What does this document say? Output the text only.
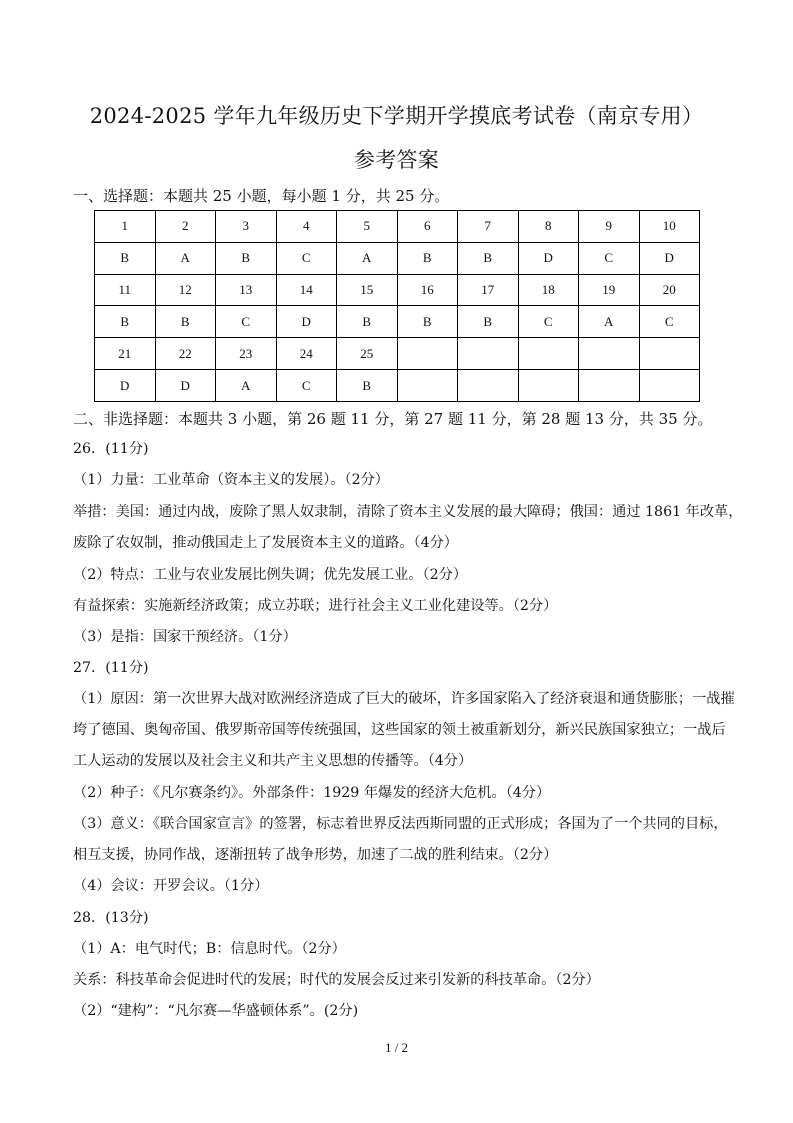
2024-2025 学年九年级历史下学期开学摸底考试卷（南京专用）
参考答案
一、选择题：本题共 25 小题，每小题 1 分，共 25 分。
1	2	3	4	5	6	7	8	9	10
B	A	B	C	A	B	B	D	C	D
11	12	13	14	15	16	17	18	19	20
B	B	C	D	B	B	B	C	A	C
21	22	23	24	25					
D	D	A	C	B					
二、非选择题：本题共 3 小题，第 26 题 11 分，第 27 题 11 分，第 28 题 13 分，共 35 分。
26．(11分)
（1）力量：工业革命（资本主义的发展）。（2分）
举措：美国：通过内战，废除了黑人奴隶制，清除了资本主义发展的最大障碍；俄国：通过 1861 年改革，
废除了农奴制，推动俄国走上了发展资本主义的道路。（4分）
（2）特点：工业与农业发展比例失调；优先发展工业。（2分）
有益探索：实施新经济政策；成立苏联；进行社会主义工业化建设等。（2分）
（3）是指：国家干预经济。（1分）
27．(11分)
（1）原因：第一次世界大战对欧洲经济造成了巨大的破坏，许多国家陷入了经济衰退和通货膨胀；一战摧
垮了德国、奥匈帝国、俄罗斯帝国等传统强国，这些国家的领土被重新划分，新兴民族国家独立；一战后
工人运动的发展以及社会主义和共产主义思想的传播等。（4分）
（2）种子：《凡尔赛条约》。外部条件：1929 年爆发的经济大危机。（4分）
（3）意义：《联合国家宣言》的签署，标志着世界反法西斯同盟的正式形成；各国为了一个共同的目标，
相互支援，协同作战，逐渐扭转了战争形势，加速了二战的胜利结束。（2分）
（4）会议：开罗会议。（1分）
28．(13分)
（1）A：电气时代；B：信息时代。（2分）
关系：科技革命会促进时代的发展；时代的发展会反过来引发新的科技革命。（2分）
（2）“建构”：“凡尔赛—华盛顿体系”。(2分)
1 / 2
